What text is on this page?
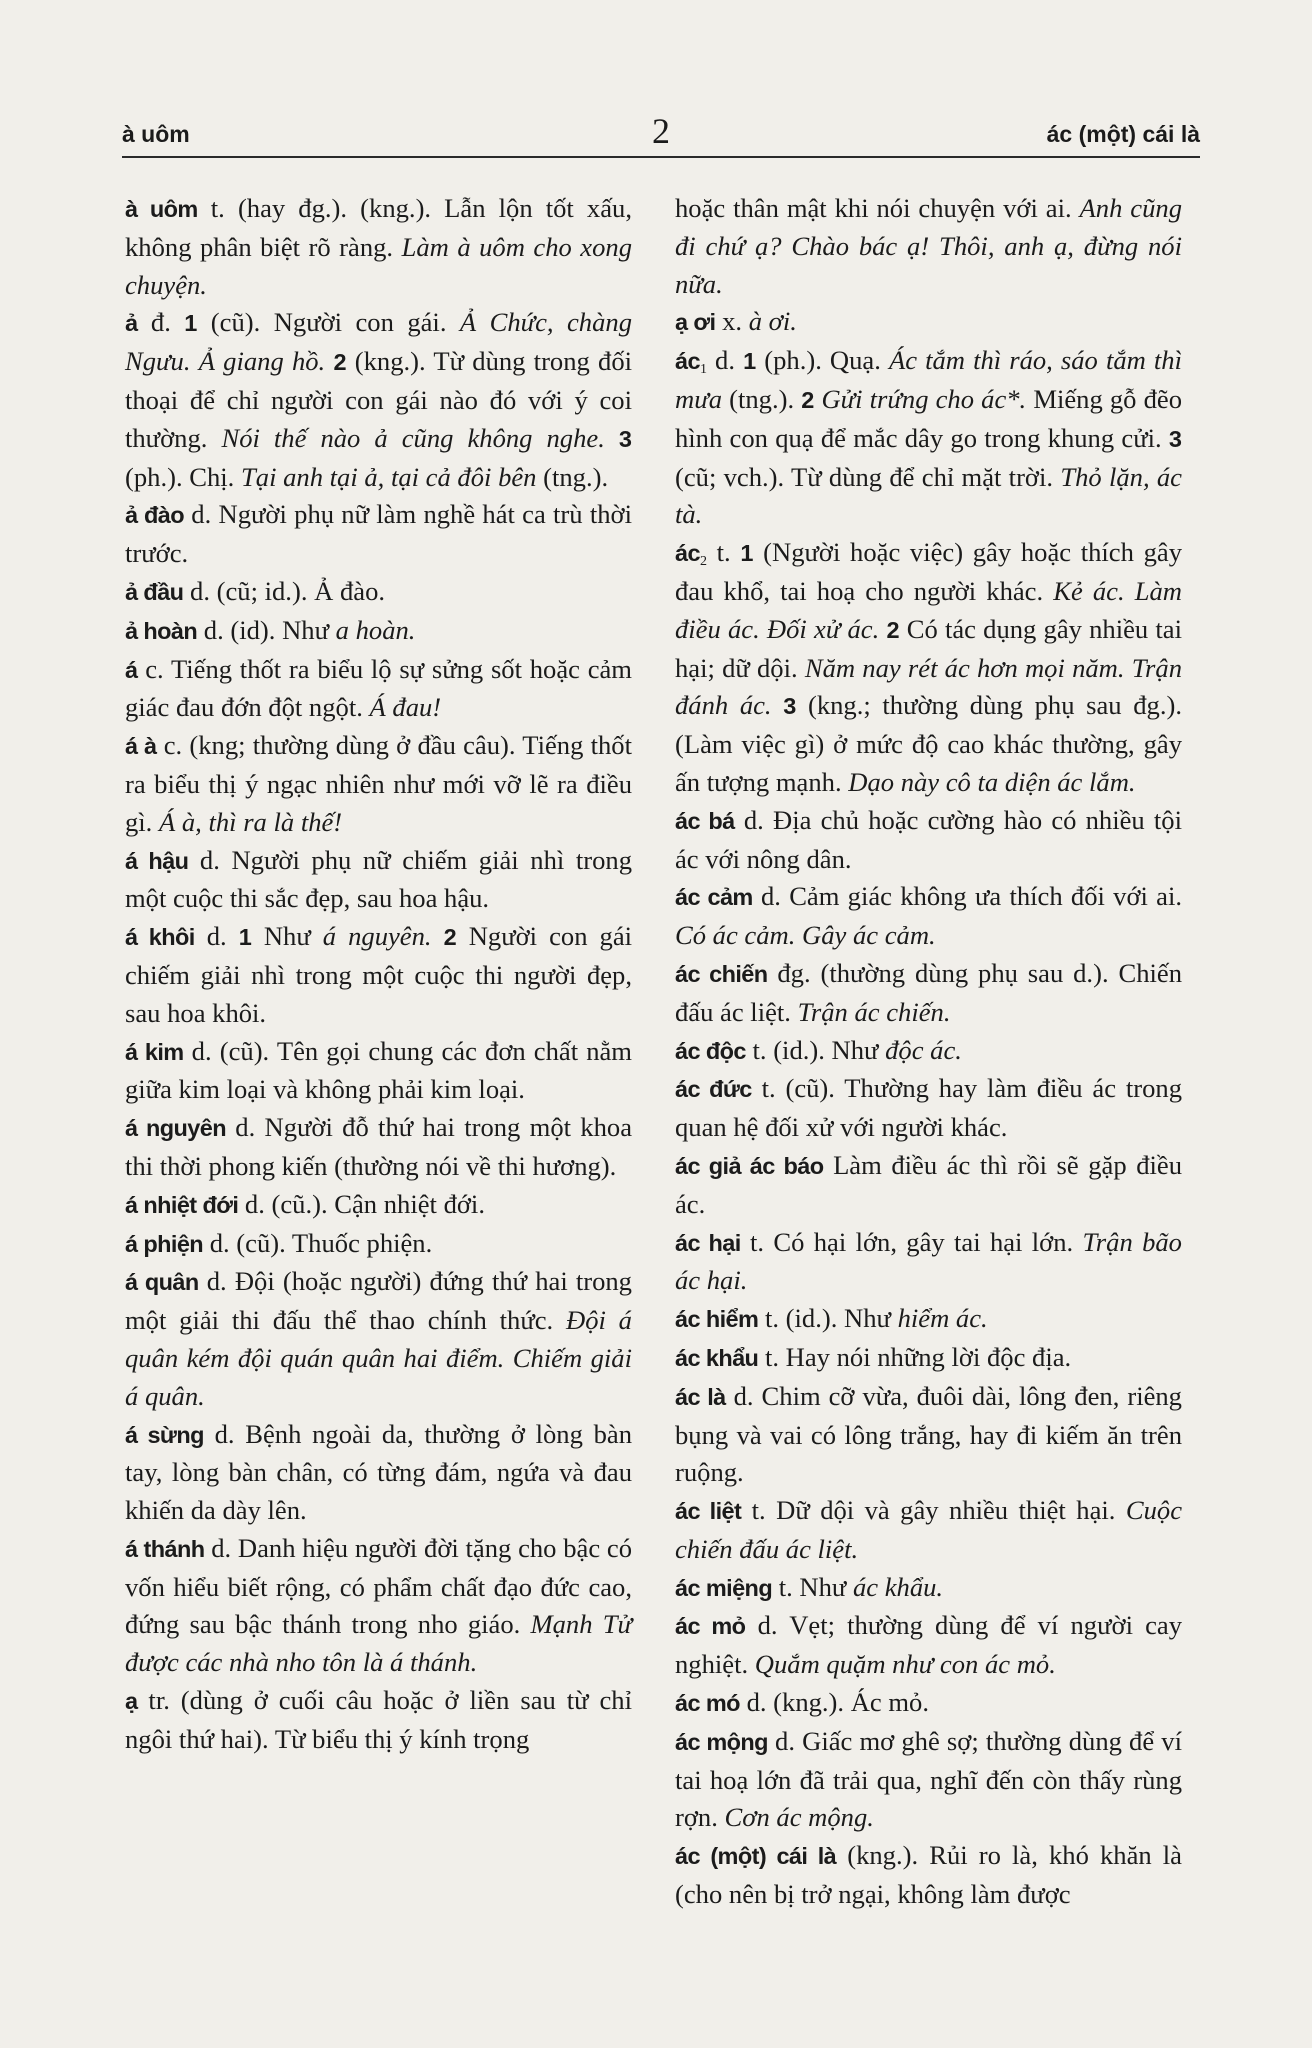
à uôm	2	ác (một) cái là

à uôm t. (hay đg.). (kng.). Lẫn lộn tốt xấu, không phân biệt rõ ràng. Làm à uôm cho xong chuyện.

ả đ. 1 (cũ). Người con gái. Ả Chức, chàng Ngưu. Ả giang hồ. 2 (kng.). Từ dùng trong đối thoại để chỉ người con gái nào đó với ý coi thường. Nói thế nào ả cũng không nghe. 3 (ph.). Chị. Tại anh tại ả, tại cả đôi bên (tng.).

ả đào d. Người phụ nữ làm nghề hát ca trù thời trước.

ả đầu d. (cũ; id.). Ả đào.

ả hoàn d. (id). Như a hoàn.

á c. Tiếng thốt ra biểu lộ sự sửng sốt hoặc cảm giác đau đớn đột ngột. Á đau!

á à c. (kng; thường dùng ở đầu câu). Tiếng thốt ra biểu thị ý ngạc nhiên như mới vỡ lẽ ra điều gì. Á à, thì ra là thế!

á hậu d. Người phụ nữ chiếm giải nhì trong một cuộc thi sắc đẹp, sau hoa hậu.

á khôi d. 1 Như á nguyên. 2 Người con gái chiếm giải nhì trong một cuộc thi người đẹp, sau hoa khôi.

á kim d. (cũ). Tên gọi chung các đơn chất nằm giữa kim loại và không phải kim loại.

á nguyên d. Người đỗ thứ hai trong một khoa thi thời phong kiến (thường nói về thi hương).

á nhiệt đới d. (cũ.). Cận nhiệt đới.

á phiện d. (cũ). Thuốc phiện.

á quân d. Đội (hoặc người) đứng thứ hai trong một giải thi đấu thể thao chính thức. Đội á quân kém đội quán quân hai điểm. Chiếm giải á quân.

á sừng d. Bệnh ngoài da, thường ở lòng bàn tay, lòng bàn chân, có từng đám, ngứa và đau khiến da dày lên.

á thánh d. Danh hiệu người đời tặng cho bậc có vốn hiểu biết rộng, có phẩm chất đạo đức cao, đứng sau bậc thánh trong nho giáo. Mạnh Tử được các nhà nho tôn là á thánh.

ạ tr. (dùng ở cuối câu hoặc ở liền sau từ chỉ ngôi thứ hai). Từ biểu thị ý kính trọng

hoặc thân mật khi nói chuyện với ai. Anh cũng đi chứ ạ? Chào bác ạ! Thôi, anh ạ, đừng nói nữa.

ạ ơi x. à ơi.

$ác_1$ d. 1 (ph.). Quạ. Ác tắm thì ráo, sáo tắm thì mưa (tng.). 2 Gửi trứng cho ác*. Miếng gỗ đẽo hình con quạ để mắc dây go trong khung cửi. 3 (cũ; vch.). Từ dùng để chỉ mặt trời. Thỏ lặn, ác tà.

$ác_2$ t. 1 (Người hoặc việc) gây hoặc thích gây đau khổ, tai hoạ cho người khác. Kẻ ác. Làm điều ác. Đối xử ác. 2 Có tác dụng gây nhiều tai hại; dữ dội. Năm nay rét ác hơn mọi năm. Trận đánh ác. 3 (kng.; thường dùng phụ sau đg.). (Làm việc gì) ở mức độ cao khác thường, gây ấn tượng mạnh. Dạo này cô ta diện ác lắm.

ác bá d. Địa chủ hoặc cường hào có nhiều tội ác với nông dân.

ác cảm d. Cảm giác không ưa thích đối với ai. Có ác cảm. Gây ác cảm.

ác chiến đg. (thường dùng phụ sau d.). Chiến đấu ác liệt. Trận ác chiến.

ác độc t. (id.). Như độc ác.

ác đức t. (cũ). Thường hay làm điều ác trong quan hệ đối xử với người khác.

ác giả ác báo Làm điều ác thì rồi sẽ gặp điều ác.

ác hại t. Có hại lớn, gây tai hại lớn. Trận bão ác hại.

ác hiểm t. (id.). Như hiểm ác.

ác khẩu t. Hay nói những lời độc địa.

ác là d. Chim cỡ vừa, đuôi dài, lông đen, riêng bụng và vai có lông trắng, hay đi kiếm ăn trên ruộng.

ác liệt t. Dữ dội và gây nhiều thiệt hại. Cuộc chiến đấu ác liệt.

ác miệng t. Như ác khẩu.

ác mỏ d. Vẹt; thường dùng để ví người cay nghiệt. Quắm quặm như con ác mỏ.

ác mó d. (kng.). Ác mỏ.

ác mộng d. Giấc mơ ghê sợ; thường dùng để ví tai hoạ lớn đã trải qua, nghĩ đến còn thấy rùng rợn. Cơn ác mộng.

ác (một) cái là (kng.). Rủi ro là, khó khăn là (cho nên bị trở ngại, không làm được
